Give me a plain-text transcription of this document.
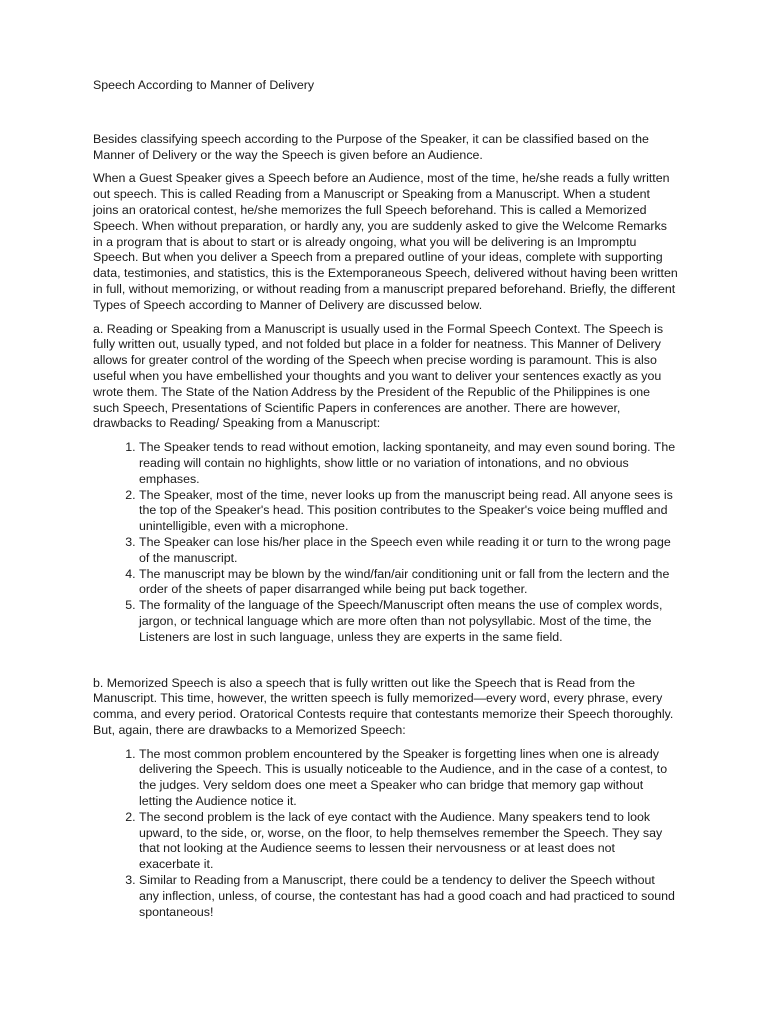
Speech According to Manner of Delivery

Besides classifying speech according to the Purpose of the Speaker, it can be classified based on the Manner of Delivery or the way the Speech is given before an Audience.

When a Guest Speaker gives a Speech before an Audience, most of the time, he/she reads a fully written out speech. This is called Reading from a Manuscript or Speaking from a Manuscript. When a student joins an oratorical contest, he/she memorizes the full Speech beforehand. This is called a Memorized Speech. When without preparation, or hardly any, you are suddenly asked to give the Welcome Remarks in a program that is about to start or is already ongoing, what you will be delivering is an Impromptu Speech. But when you deliver a Speech from a prepared outline of your ideas, complete with supporting data, testimonies, and statistics, this is the Extemporaneous Speech, delivered without having been written in full, without memorizing, or without reading from a manuscript prepared beforehand. Briefly, the different Types of Speech according to Manner of Delivery are discussed below.

a. Reading or Speaking from a Manuscript is usually used in the Formal Speech Context. The Speech is fully written out, usually typed, and not folded but place in a folder for neatness. This Manner of Delivery allows for greater control of the wording of the Speech when precise wording is paramount. This is also useful when you have embellished your thoughts and you want to deliver your sentences exactly as you wrote them. The State of the Nation Address by the President of the Republic of the Philippines is one such Speech, Presentations of Scientific Papers in conferences are another. There are however, drawbacks to Reading/ Speaking from a Manuscript:

1. The Speaker tends to read without emotion, lacking spontaneity, and may even sound boring. The reading will contain no highlights, show little or no variation of intonations, and no obvious emphases.
2. The Speaker, most of the time, never looks up from the manuscript being read. All anyone sees is the top of the Speaker's head. This position contributes to the Speaker's voice being muffled and unintelligible, even with a microphone.
3. The Speaker can lose his/her place in the Speech even while reading it or turn to the wrong page of the manuscript.
4. The manuscript may be blown by the wind/fan/air conditioning unit or fall from the lectern and the order of the sheets of paper disarranged while being put back together.
5. The formality of the language of the Speech/Manuscript often means the use of complex words, jargon, or technical language which are more often than not polysyllabic. Most of the time, the Listeners are lost in such language, unless they are experts in the same field.

b. Memorized Speech is also a speech that is fully written out like the Speech that is Read from the Manuscript. This time, however, the written speech is fully memorized—every word, every phrase, every comma, and every period. Oratorical Contests require that contestants memorize their Speech thoroughly. But, again, there are drawbacks to a Memorized Speech:

1. The most common problem encountered by the Speaker is forgetting lines when one is already delivering the Speech. This is usually noticeable to the Audience, and in the case of a contest, to the judges. Very seldom does one meet a Speaker who can bridge that memory gap without letting the Audience notice it.
2. The second problem is the lack of eye contact with the Audience. Many speakers tend to look upward, to the side, or, worse, on the floor, to help themselves remember the Speech. They say that not looking at the Audience seems to lessen their nervousness or at least does not exacerbate it.
3. Similar to Reading from a Manuscript, there could be a tendency to deliver the Speech without any inflection, unless, of course, the contestant has had a good coach and had practiced to sound spontaneous!
